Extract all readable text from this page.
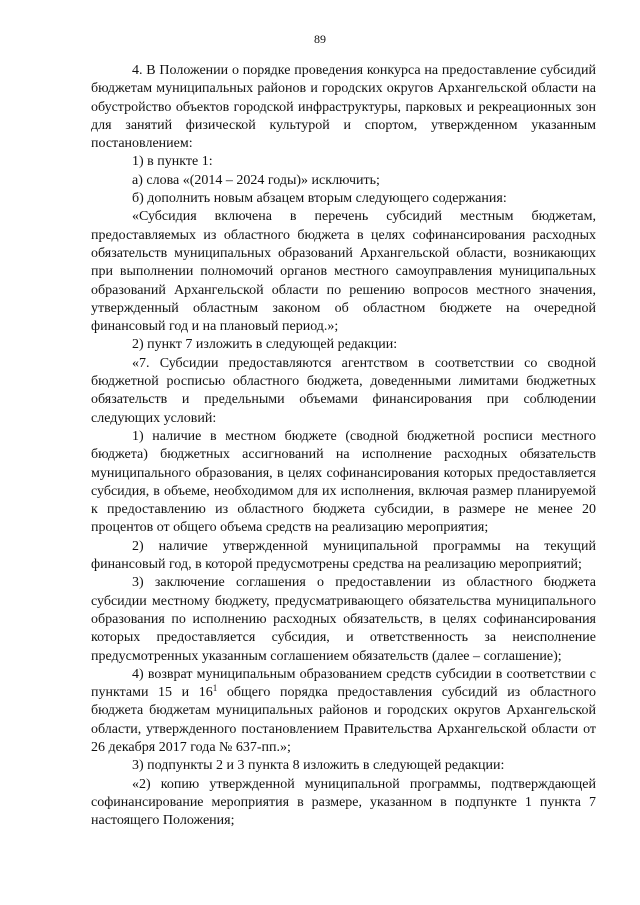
89

4. В Положении о порядке проведения конкурса на предоставление субсидий бюджетам муниципальных районов и городских округов Архангельской области на обустройство объектов городской инфраструктуры, парковых и рекреационных зон для занятий физической культурой и спортом, утвержденном указанным постановлением:

1) в пункте 1:

а) слова «(2014 – 2024 годы)» исключить;

б) дополнить новым абзацем вторым следующего содержания:

«Субсидия включена в перечень субсидий местным бюджетам, предоставляемых из областного бюджета в целях софинансирования расходных обязательств муниципальных образований Архангельской области, возникающих при выполнении полномочий органов местного самоуправления муниципальных образований Архангельской области по решению вопросов местного значения, утвержденный областным законом об областном бюджете на очередной финансовый год и на плановый период.»;

2) пункт 7 изложить в следующей редакции:

«7. Субсидии предоставляются агентством в соответствии со сводной бюджетной росписью областного бюджета, доведенными лимитами бюджетных обязательств и предельными объемами финансирования при соблюдении следующих условий:

1) наличие в местном бюджете (сводной бюджетной росписи местного бюджета) бюджетных ассигнований на исполнение расходных обязательств муниципального образования, в целях софинансирования которых предоставляется субсидия, в объеме, необходимом для их исполнения, включая размер планируемой к предоставлению из областного бюджета субсидии, в размере не менее 20 процентов от общего объема средств на реализацию мероприятия;

2) наличие утвержденной муниципальной программы на текущий финансовый год, в которой предусмотрены средства на реализацию мероприятий;

3) заключение соглашения о предоставлении из областного бюджета субсидии местному бюджету, предусматривающего обязательства муниципального образования по исполнению расходных обязательств, в целях софинансирования которых предоставляется субсидия, и ответственность за неисполнение предусмотренных указанным соглашением обязательств (далее – соглашение);

4) возврат муниципальным образованием средств субсидии в соответствии с пунктами 15 и $16^1$ общего порядка предоставления субсидий из областного бюджета бюджетам муниципальных районов и городских округов Архангельской области, утвержденного постановлением Правительства Архангельской области от 26 декабря 2017 года № 637-пп.»;

3) подпункты 2 и 3 пункта 8 изложить в следующей редакции:

«2) копию утвержденной муниципальной программы, подтверждающей софинансирование мероприятия в размере, указанном в подпункте 1 пункта 7 настоящего Положения;
